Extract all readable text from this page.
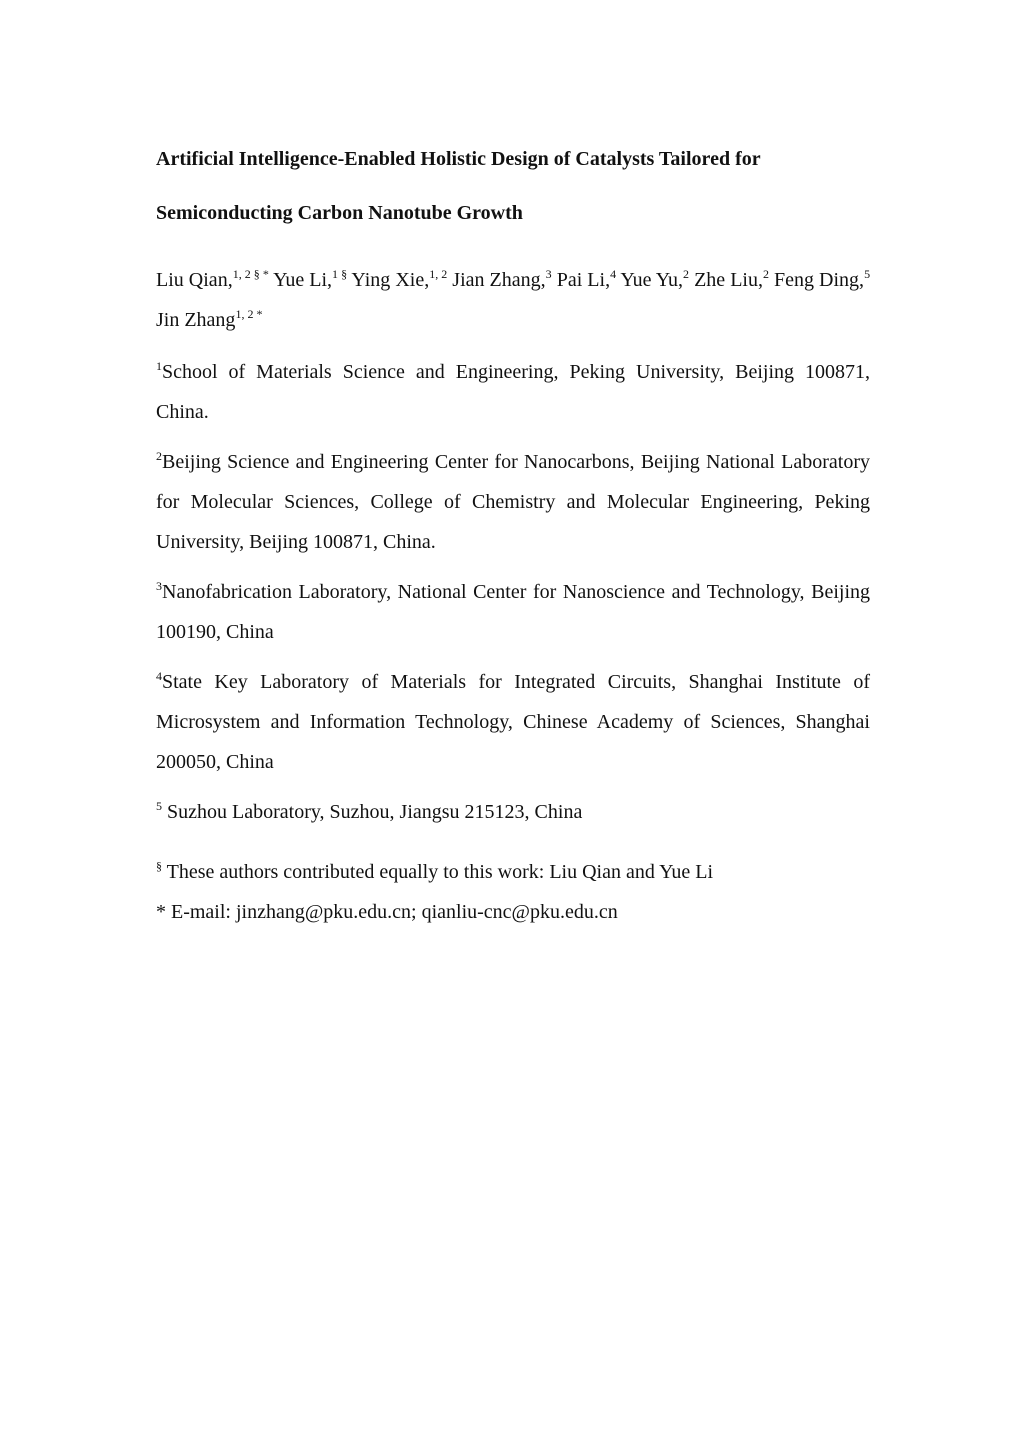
Artificial Intelligence-Enabled Holistic Design of Catalysts Tailored for
Semiconducting Carbon Nanotube Growth

Liu Qian,$^{1, 2 \S *}$ Yue Li,$^{1 \S}$ Ying Xie,$^{1, 2}$ Jian Zhang,$^3$ Pai Li,$^4$ Yue Yu,$^2$ Zhe Liu,$^2$ Feng Ding,$^5$ Jin Zhang$^{1, 2 *}$
$^1$School of Materials Science and Engineering, Peking University, Beijing 100871, China.
$^2$Beijing Science and Engineering Center for Nanocarbons, Beijing National Laboratory for Molecular Sciences, College of Chemistry and Molecular Engineering, Peking University, Beijing 100871, China.
$^3$Nanofabrication Laboratory, National Center for Nanoscience and Technology, Beijing 100190, China
$^4$State Key Laboratory of Materials for Integrated Circuits, Shanghai Institute of Microsystem and Information Technology, Chinese Academy of Sciences, Shanghai 200050, China
$^5$ Suzhou Laboratory, Suzhou, Jiangsu 215123, China

§ These authors contributed equally to this work: Liu Qian and Yue Li

* E-mail: jinzhang@pku.edu.cn; qianliu-cnc@pku.edu.cn
